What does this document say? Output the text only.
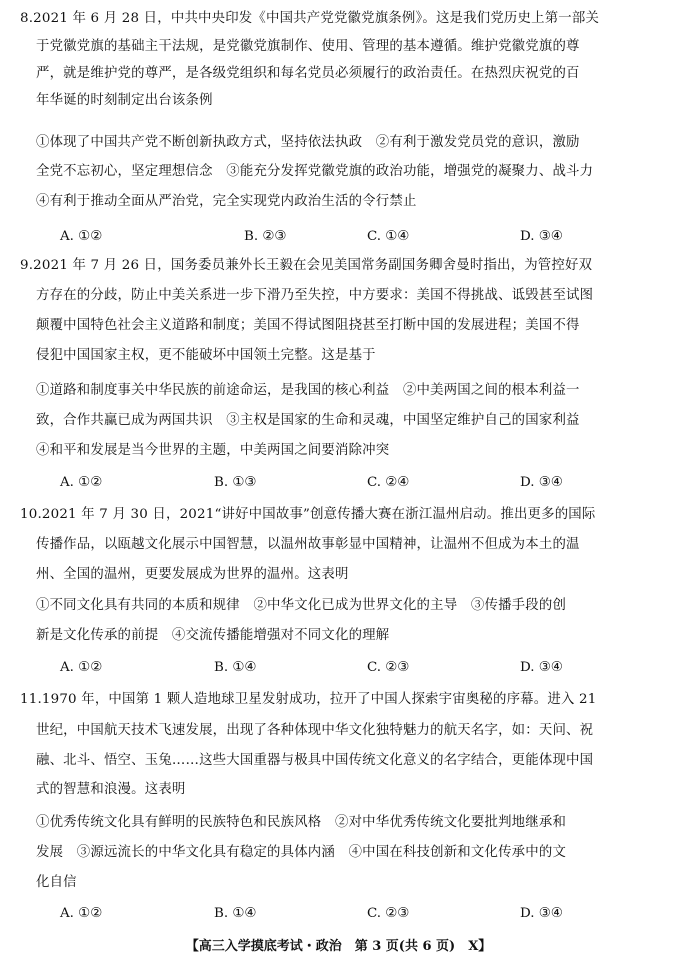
8.2021 年 6 月 28 日，中共中央印发《中国共产党党徽党旗条例》。这是我们党历史上第一部关
于党徽党旗的基础主干法规，是党徽党旗制作、使用、管理的基本遵循。维护党徽党旗的尊
严，就是维护党的尊严，是各级党组织和每名党员必须履行的政治责任。在热烈庆祝党的百
年华诞的时刻制定出台该条例
①体现了中国共产党不断创新执政方式，坚持依法执政　②有利于激发党员党的意识，激励
全党不忘初心，坚定理想信念　③能充分发挥党徽党旗的政治功能，增强党的凝聚力、战斗力
④有利于推动全面从严治党，完全实现党内政治生活的令行禁止
A. ①②	B. ②③	C. ①④	D. ③④
9.2021 年 7 月 26 日，国务委员兼外长王毅在会见美国常务副国务卿舍曼时指出，为管控好双
方存在的分歧，防止中美关系进一步下滑乃至失控，中方要求：美国不得挑战、诋毁甚至试图
颠覆中国特色社会主义道路和制度；美国不得试图阻挠甚至打断中国的发展进程；美国不得
侵犯中国国家主权，更不能破坏中国领土完整。这是基于
①道路和制度事关中华民族的前途命运，是我国的核心利益　②中美两国之间的根本利益一
致，合作共赢已成为两国共识　③主权是国家的生命和灵魂，中国坚定维护自己的国家利益
④和平和发展是当今世界的主题，中美两国之间要消除冲突
A. ①②	B. ①③	C. ②④	D. ③④
10.2021 年 7 月 30 日，2021“讲好中国故事”创意传播大赛在浙江温州启动。推出更多的国际
传播作品，以瓯越文化展示中国智慧，以温州故事彰显中国精神，让温州不但成为本土的温
州、全国的温州，更要发展成为世界的温州。这表明
①不同文化具有共同的本质和规律　②中华文化已成为世界文化的主导　③传播手段的创
新是文化传承的前提　④交流传播能增强对不同文化的理解
A. ①②	B. ①④	C. ②③	D. ③④
11.1970 年，中国第 1 颗人造地球卫星发射成功，拉开了中国人探索宇宙奥秘的序幕。进入 21
世纪，中国航天技术飞速发展，出现了各种体现中华文化独特魅力的航天名字，如：天问、祝
融、北斗、悟空、玉兔……这些大国重器与极具中国传统文化意义的名字结合，更能体现中国
式的智慧和浪漫。这表明
①优秀传统文化具有鲜明的民族特色和民族风格　②对中华优秀传统文化要批判地继承和
发展　③源远流长的中华文化具有稳定的具体内涵　④中国在科技创新和文化传承中的文
化自信
A. ①②	B. ①④	C. ②③	D. ③④
【高三入学摸底考试・政治　第 3 页(共 6 页)　X】
